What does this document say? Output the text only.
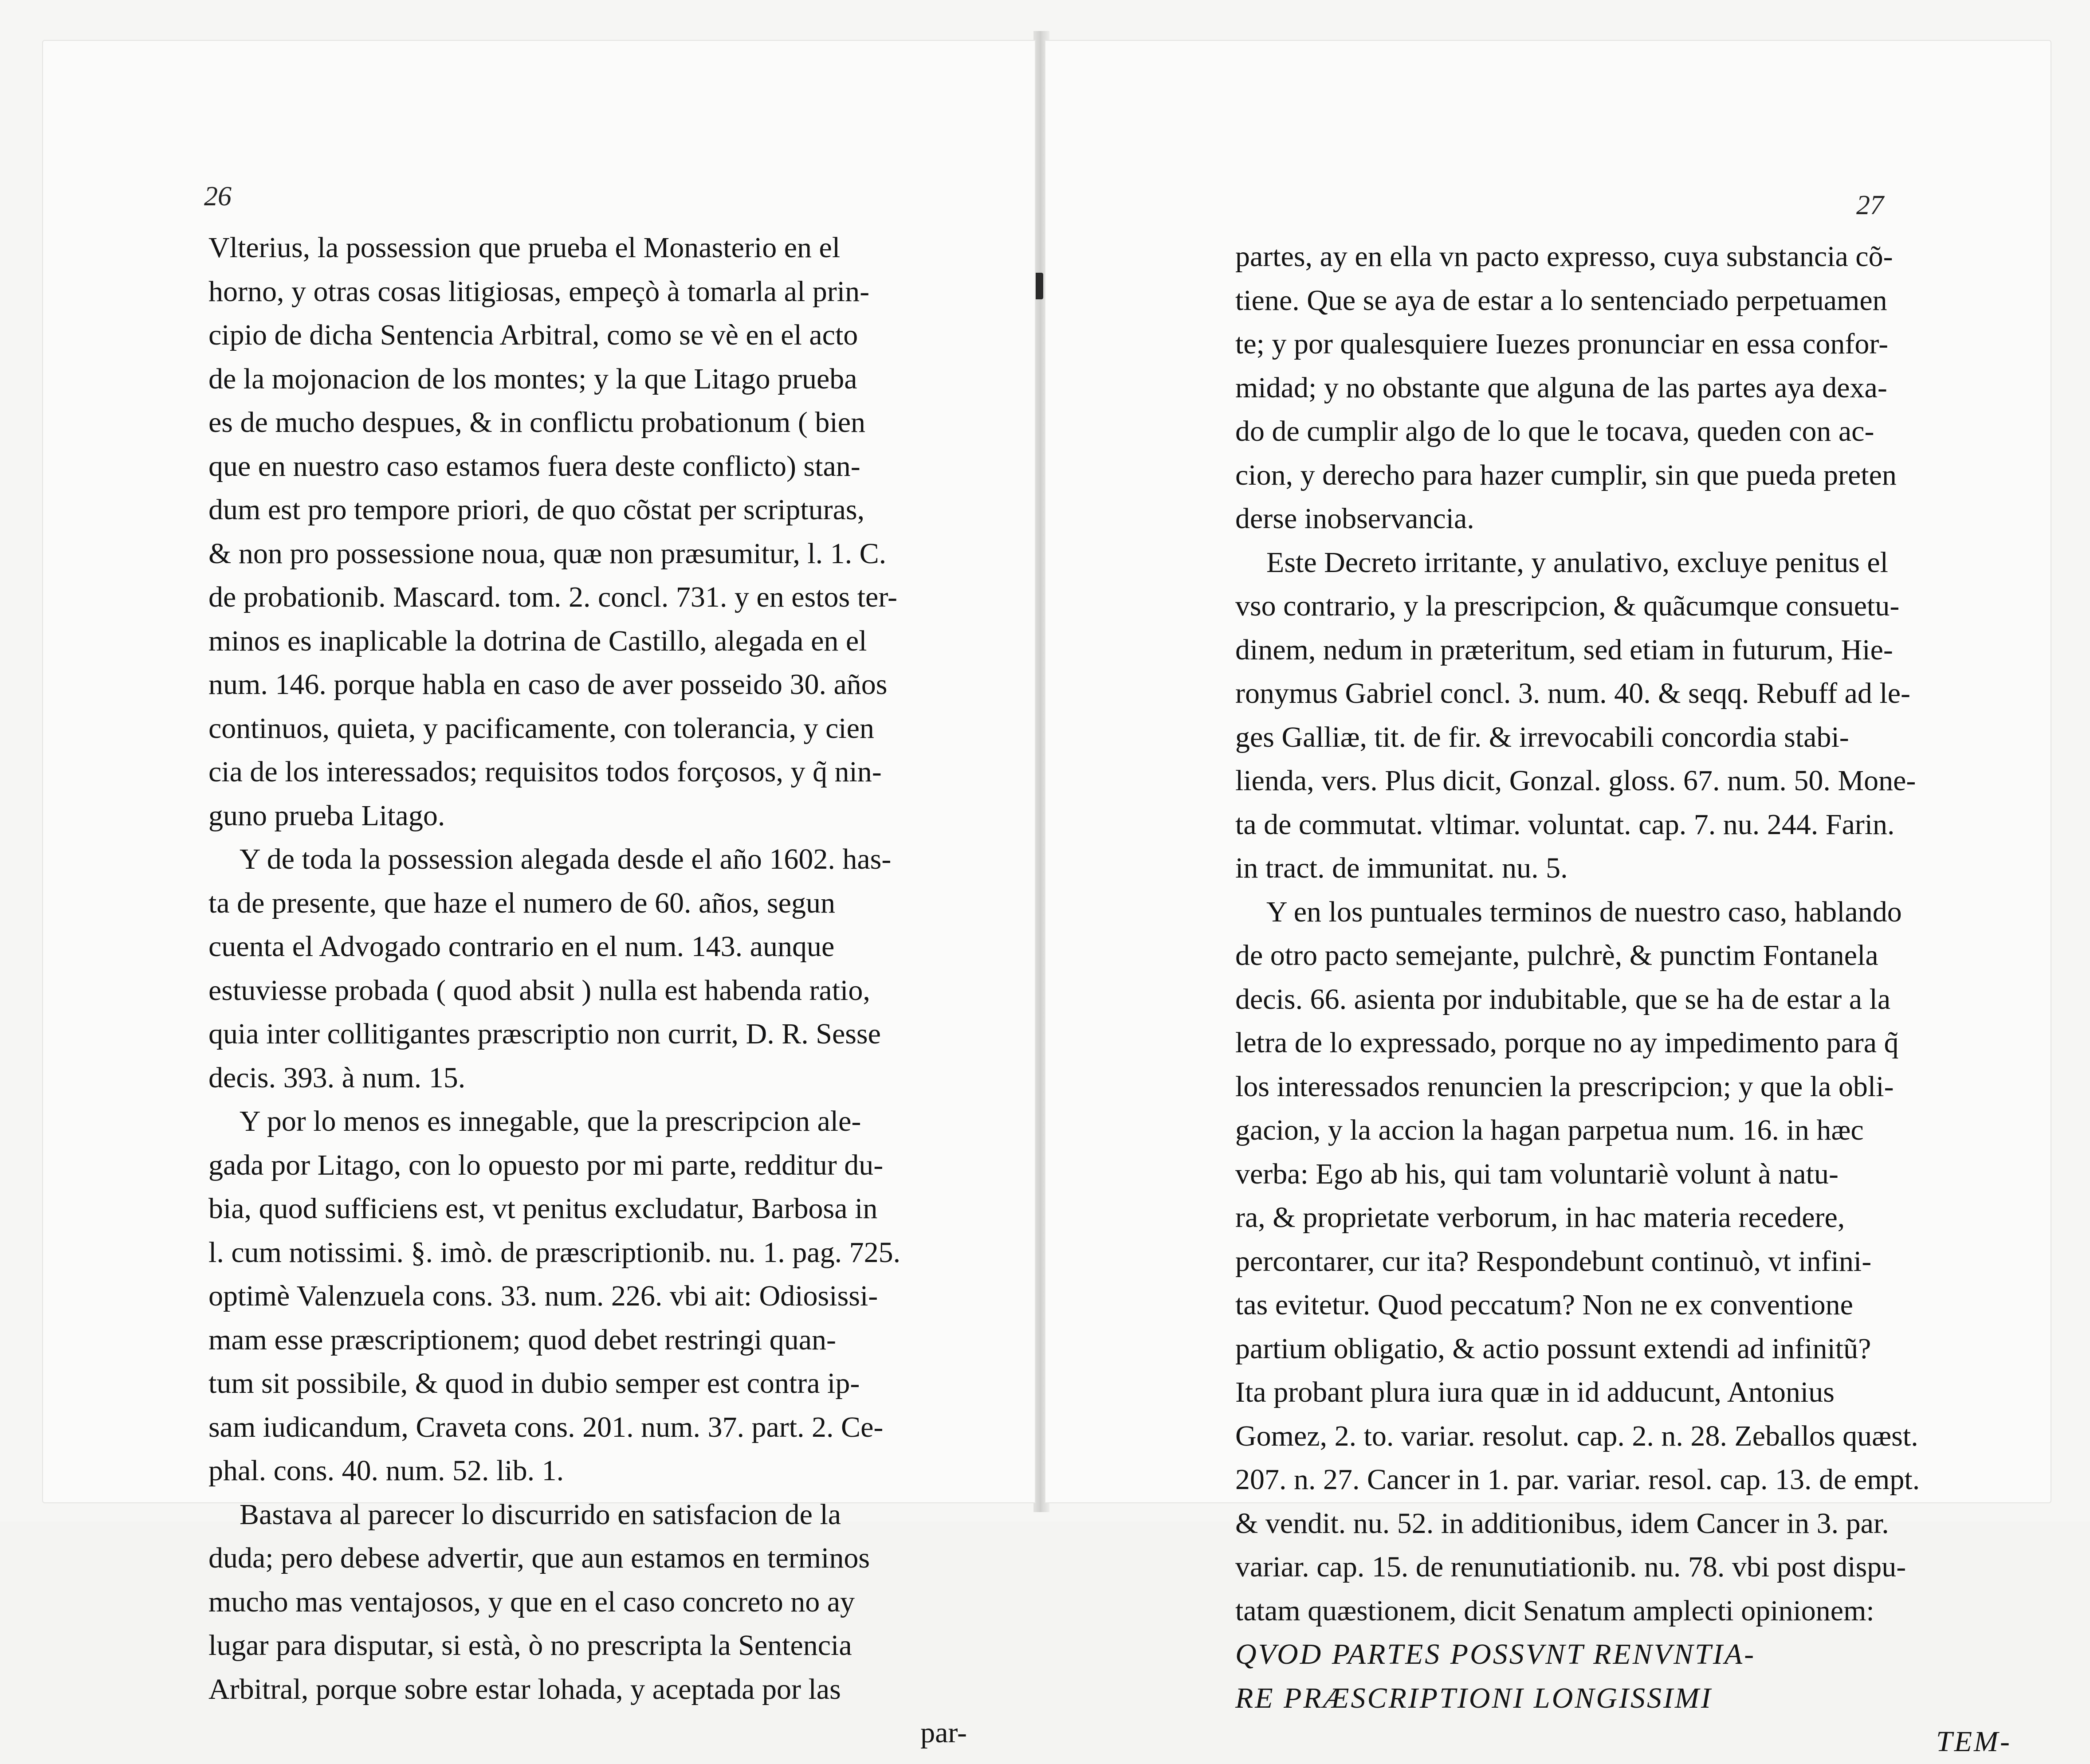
26
Vlterius, la possession que prueba el Monasterio en el
horno, y otras cosas litigiosas, empeçò à tomarla al prin-
cipio de dicha Sentencia Arbitral, como se vè en el acto
de la mojonacion de los montes; y la que Litago prueba
es de mucho despues, & in conflictu probationum ( bien
que en nuestro caso estamos fuera deste conflicto) stan-
dum est pro tempore priori, de quo cõstat per scripturas,
& non pro possessione noua, quæ non præsumitur, l. 1. C.
de probationib. Mascard. tom. 2. concl. 731. y en estos ter-
minos es inaplicable la dotrina de Castillo, alegada en el
num. 146. porque habla en caso de aver posseido 30. años
continuos, quieta, y pacificamente, con tolerancia, y cien
cia de los interessados; requisitos todos forçosos, y q̃ nin-
guno prueba Litago.
Y de toda la possession alegada desde el año 1602. has-
ta de presente, que haze el numero de 60. años, segun
cuenta el Advogado contrario en el num. 143. aunque
estuviesse probada ( quod absit ) nulla est habenda ratio,
quia inter collitigantes præscriptio non currit, D. R. Sesse
decis. 393. à num. 15.
Y por lo menos es innegable, que la prescripcion ale-
gada por Litago, con lo opuesto por mi parte, redditur du-
bia, quod sufficiens est, vt penitus excludatur, Barbosa in
l. cum notissimi. §. imò. de præscriptionib. nu. 1. pag. 725.
optimè Valenzuela cons. 33. num. 226. vbi ait: Odiosissi-
mam esse præscriptionem; quod debet restringi quan-
tum sit possibile, & quod in dubio semper est contra ip-
sam iudicandum, Craveta cons. 201. num. 37. part. 2. Ce-
phal. cons. 40. num. 52. lib. 1.
Bastava al parecer lo discurrido en satisfacion de la
duda; pero debese advertir, que aun estamos en terminos
mucho mas ventajosos, y que en el caso concreto no ay
lugar para disputar, si està, ò no prescripta la Sentencia
Arbitral, porque sobre estar lohada, y aceptada por las
par-
27
partes, ay en ella vn pacto expresso, cuya substancia cõ-
tiene. Que se aya de estar a lo sentenciado perpetuamen
te; y por qualesquiere Iuezes pronunciar en essa confor-
midad; y no obstante que alguna de las partes aya dexa-
do de cumplir algo de lo que le tocava, queden con ac-
cion, y derecho para hazer cumplir, sin que pueda preten
derse inobservancia.
Este Decreto irritante, y anulativo, excluye penitus el
vso contrario, y la prescripcion, & quãcumque consuetu-
dinem, nedum in præteritum, sed etiam in futurum, Hie-
ronymus Gabriel concl. 3. num. 40. & seqq. Rebuff ad le-
ges Galliæ, tit. de fir. & irrevocabili concordia stabi-
lienda, vers. Plus dicit, Gonzal. gloss. 67. num. 50. Mone-
ta de commutat. vltimar. voluntat. cap. 7. nu. 244. Farin.
in tract. de immunitat. nu. 5.
Y en los puntuales terminos de nuestro caso, hablando
de otro pacto semejante, pulchrè, & punctim Fontanela
decis. 66. asienta por indubitable, que se ha de estar a la
letra de lo expressado, porque no ay impedimento para q̃
los interessados renuncien la prescripcion; y que la obli-
gacion, y la accion la hagan parpetua num. 16. in hæc
verba: Ego ab his, qui tam voluntariè volunt à natu-
ra, & proprietate verborum, in hac materia recedere,
percontarer, cur ita? Respondebunt continuò, vt infini-
tas evitetur. Quod peccatum? Non ne ex conventione
partium obligatio, & actio possunt extendi ad infinitũ?
Ita probant plura iura quæ in id adducunt, Antonius
Gomez, 2. to. variar. resolut. cap. 2. n. 28. Zeballos quæst.
207. n. 27. Cancer in 1. par. variar. resol. cap. 13. de empt.
& vendit. nu. 52. in additionibus, idem Cancer in 3. par.
variar. cap. 15. de renunutiationib. nu. 78. vbi post dispu-
tatam quæstionem, dicit Senatum amplecti opinionem:
QVOD PARTES POSSVNT RENVNTIA-
RE PRÆSCRIPTIONI LONGISSIMI
TEM-
